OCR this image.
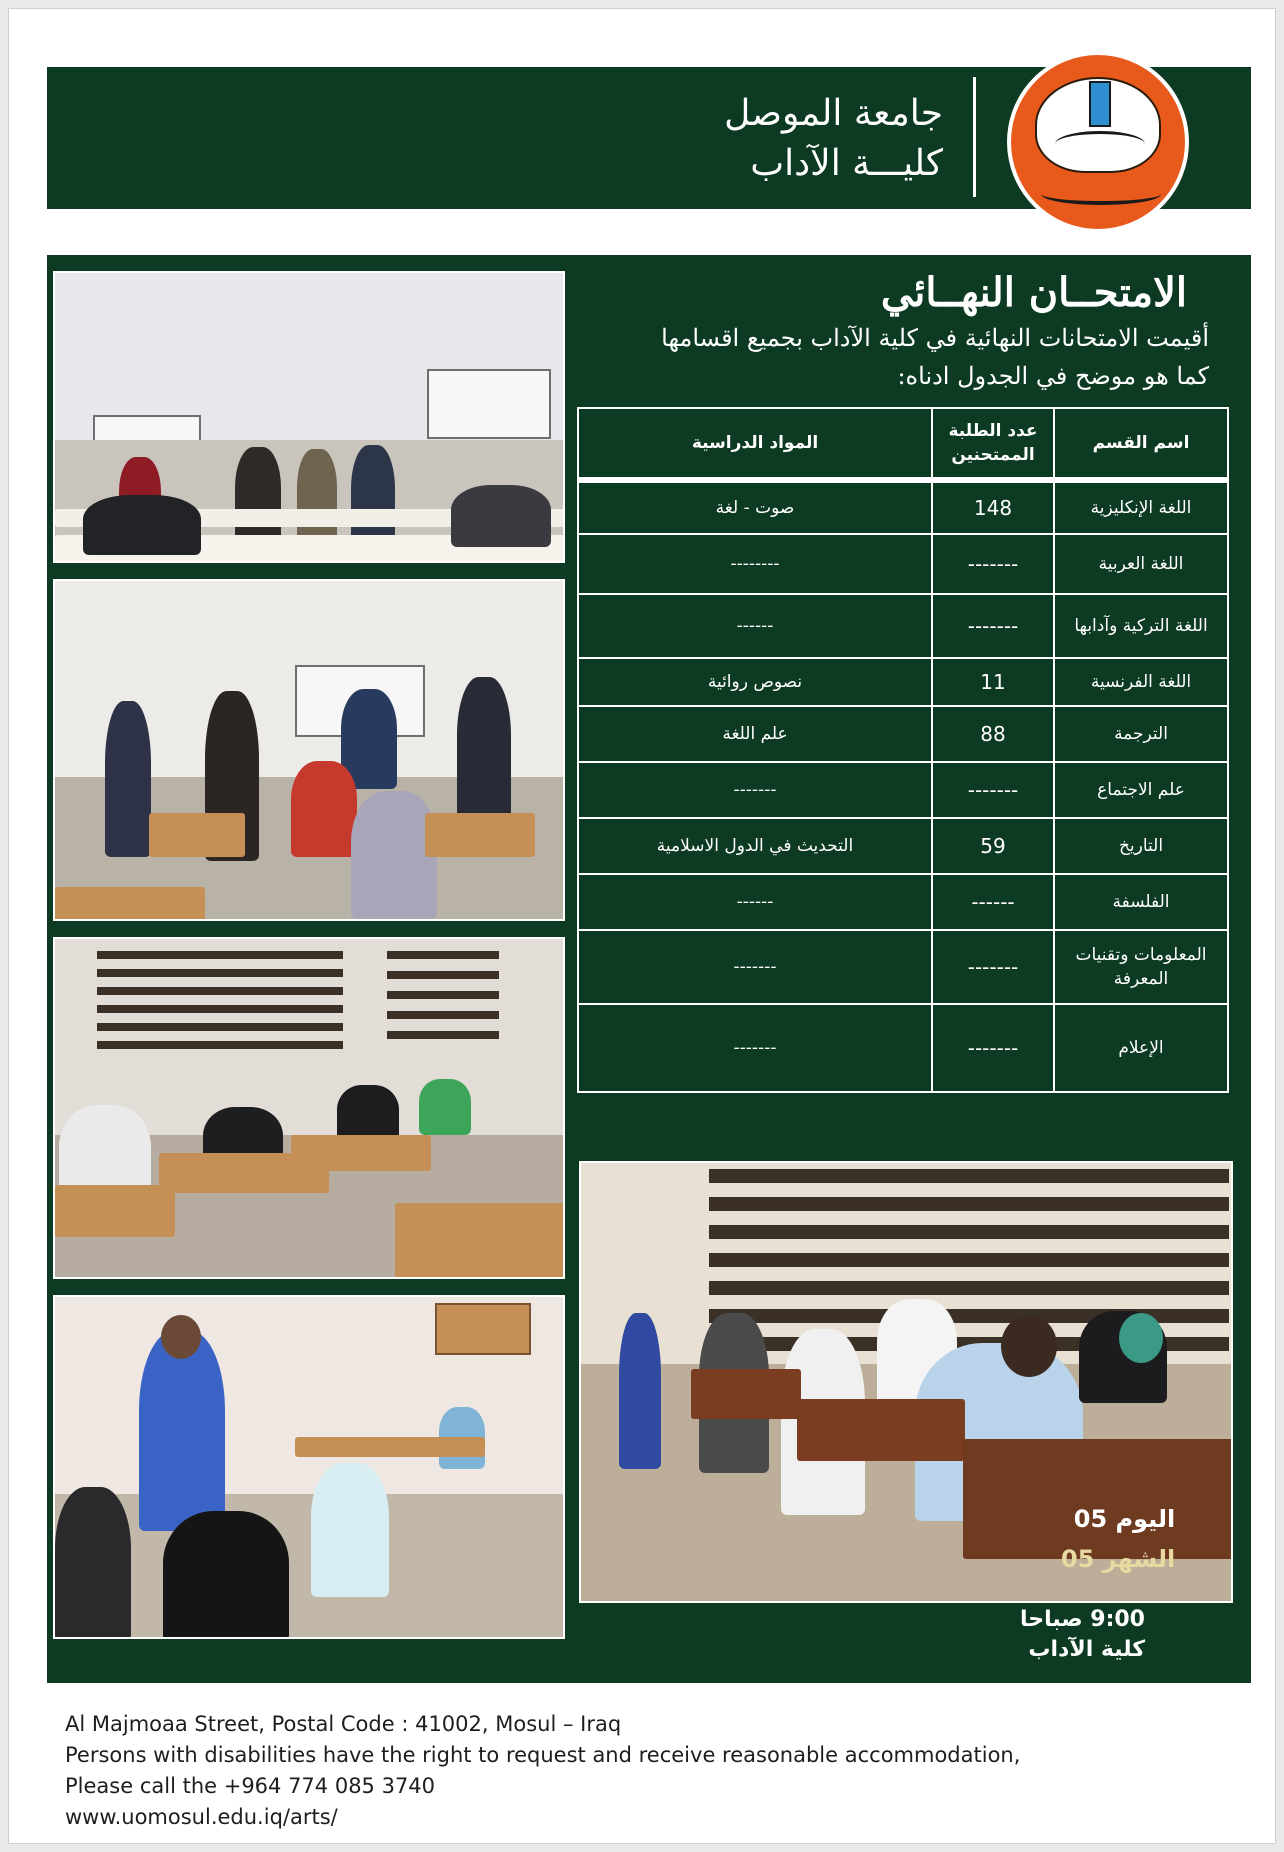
جامعة الموصل
كليـــة الآداب
الامتحــان النهــائي
أقيمت الامتحانات النهائية في كلية الآداب بجميع اقسامها
كما هو موضح في الجدول ادناه:
اسم القسم
عدد الطلبة الممتحنين
المواد الدراسية
اللغة الإنكليزية
148
صوت - لغة
اللغة العربية
-------
--------
اللغة التركية وآدابها
-------
------
اللغة الفرنسية
11
نصوص روائية
الترجمة
88
علم اللغة
علم الاجتماع
-------
-------
التاريخ
59
التحديث في الدول الاسلامية
الفلسفة
------
------
المعلومات وتقنيات المعرفة
-------
-------
الإعلام
-------
-------
اليوم 05
الشهر 05
9:00 صباحا
كلية الآداب
Al Majmoaa Street, Postal Code : 41002, Mosul – Iraq
Persons with disabilities have the right to request and receive reasonable accommodation,
Please call the +964 774 085 3740
www.uomosul.edu.iq/arts/
